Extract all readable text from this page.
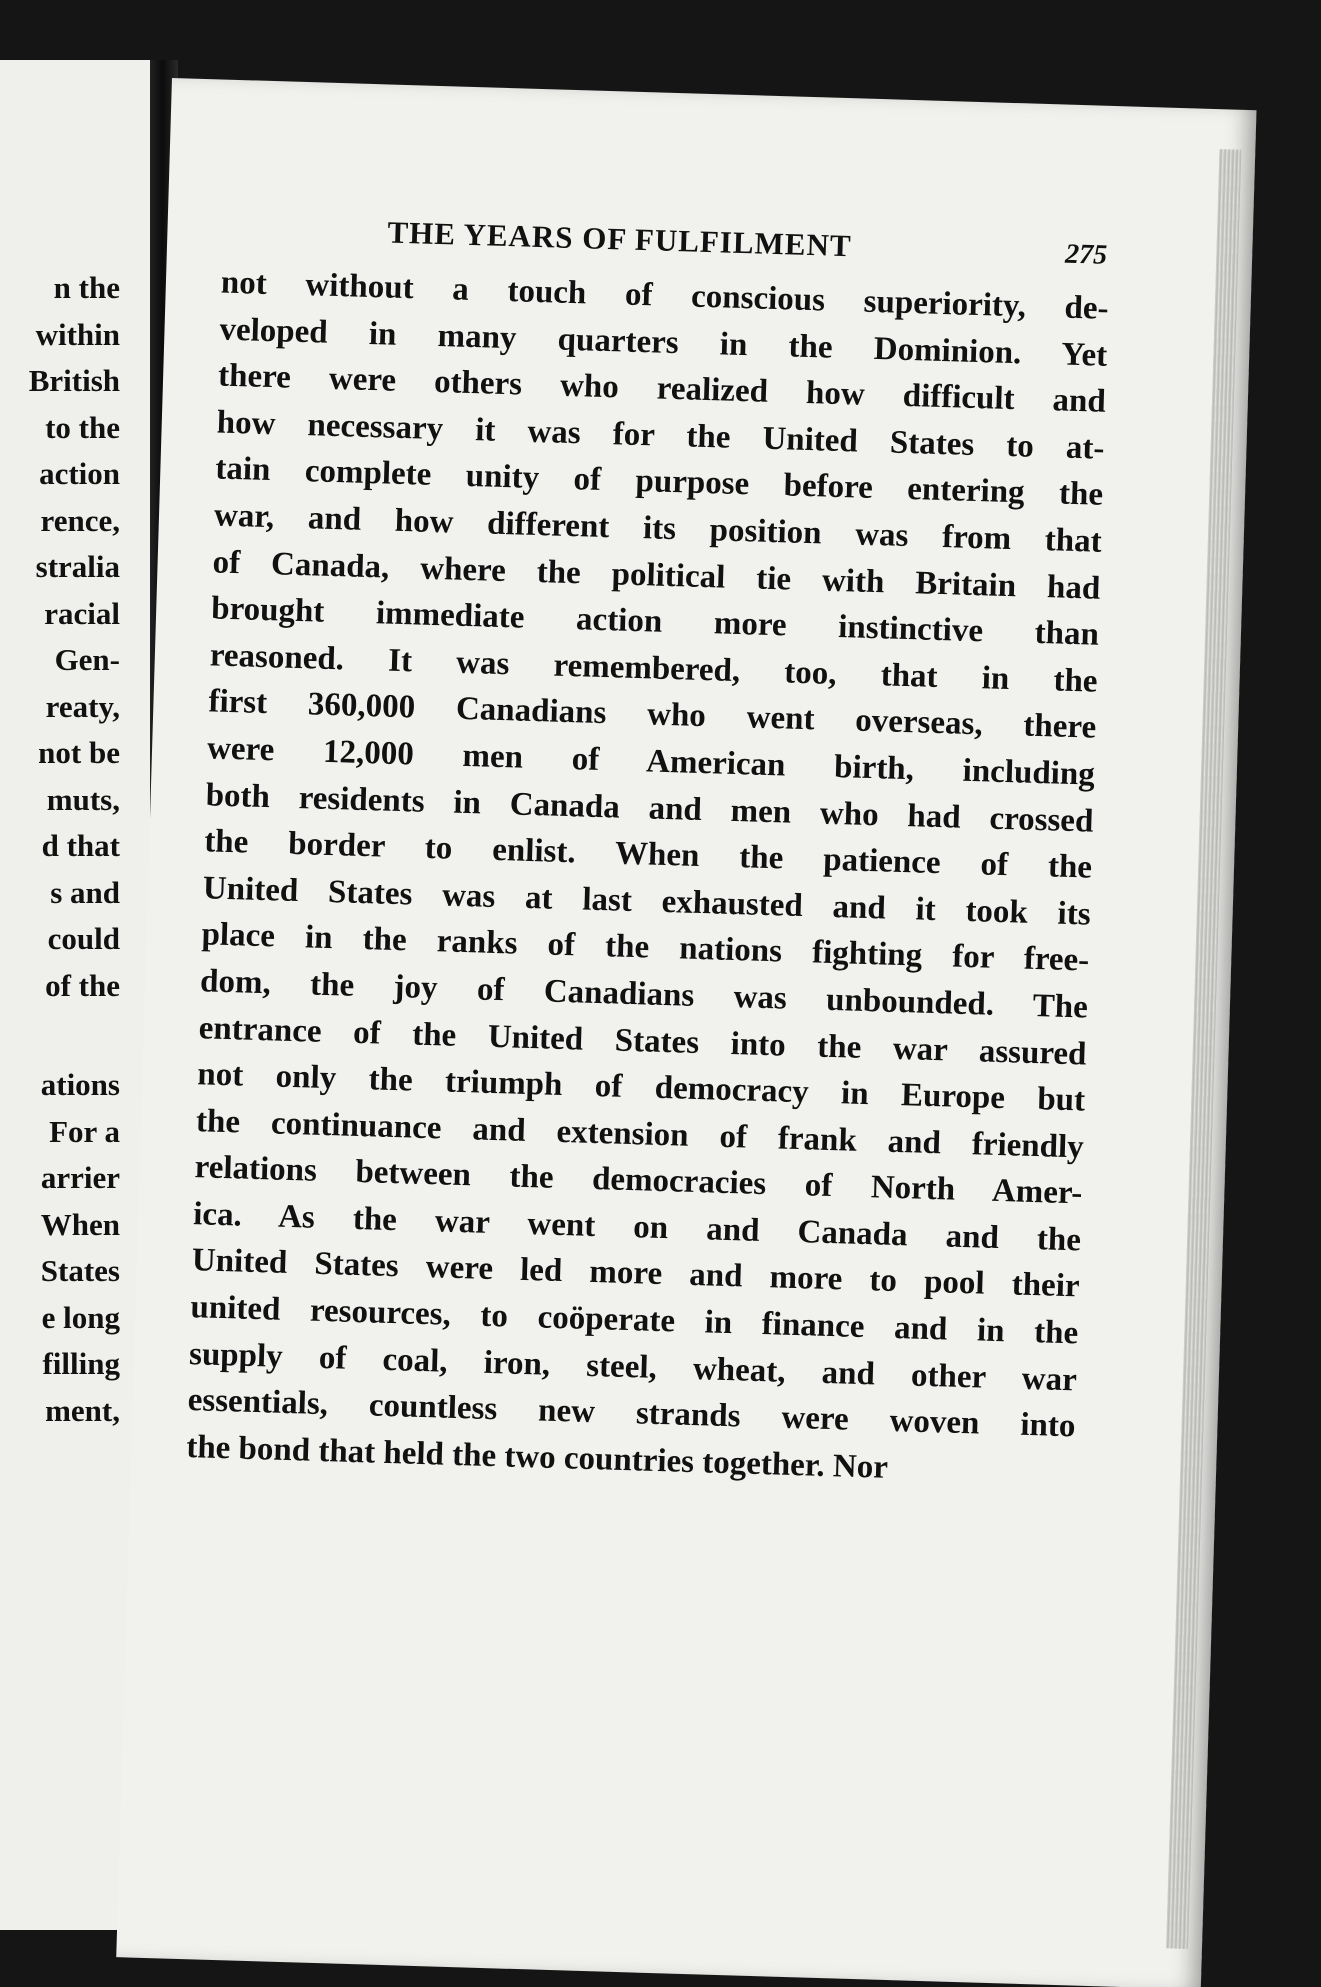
n the
within
British
to the
action
rence,
stralia
racial
Gen-
reaty,
not be
muts,
d that
s and
could
of the
ations
For a
arrier
When
States
e long
filling
ment,
THE YEARS OF FULFILMENT	275
not without a touch of conscious superiority, de-
veloped in many quarters in the Dominion. Yet
there were others who realized how difficult and
how necessary it was for the United States to at-
tain complete unity of purpose before entering the
war, and how different its position was from that
of Canada, where the political tie with Britain had
brought immediate action more instinctive than
reasoned. It was remembered, too, that in the
first 360,000 Canadians who went overseas, there
were 12,000 men of American birth, including
both residents in Canada and men who had crossed
the border to enlist. When the patience of the
United States was at last exhausted and it took its
place in the ranks of the nations fighting for free-
dom, the joy of Canadians was unbounded. The
entrance of the United States into the war assured
not only the triumph of democracy in Europe but
the continuance and extension of frank and friendly
relations between the democracies of North Amer-
ica. As the war went on and Canada and the
United States were led more and more to pool their
united resources, to coöperate in finance and in the
supply of coal, iron, steel, wheat, and other war
essentials, countless new strands were woven into
the bond that held the two countries together. Nor
